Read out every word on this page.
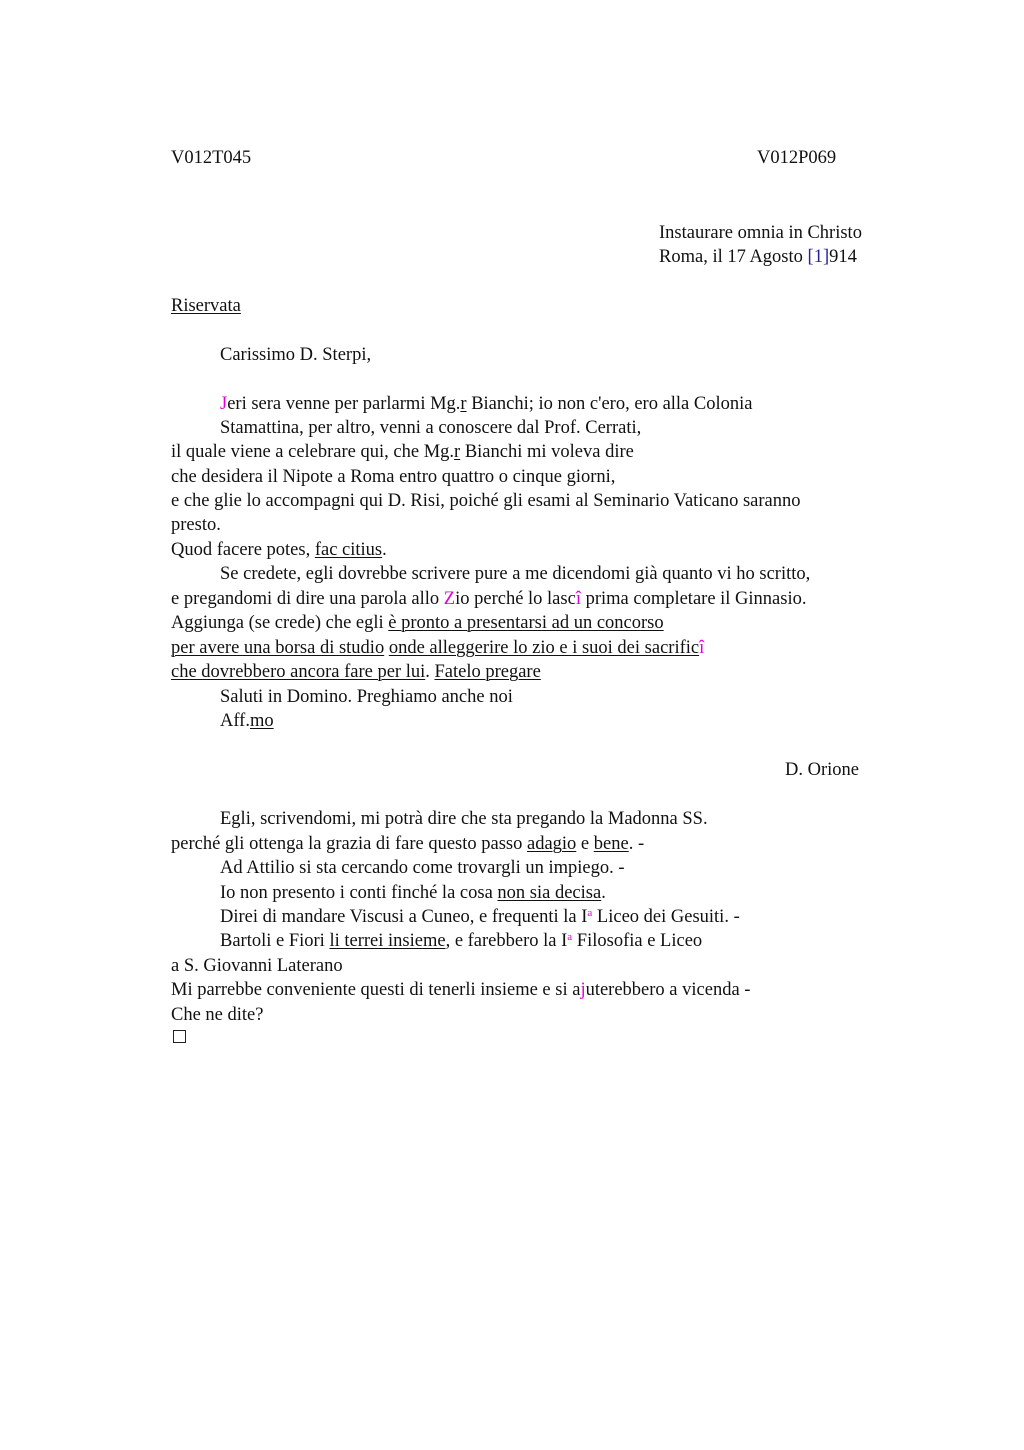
V012T045	V012P069
Instaurare omnia in Christo
Roma, il 17 Agosto [1]914
Riservata
Carissimo D. Sterpi,
Jeri sera venne per parlarmi Mg.r Bianchi; io non c'ero, ero alla Colonia
Stamattina, per altro, venni a conoscere dal Prof. Cerrati,
il quale viene a celebrare qui, che Mg.r Bianchi mi voleva dire
che desidera il Nipote a Roma entro quattro o cinque giorni,
e che glie lo accompagni qui D. Risi, poiché gli esami al Seminario Vaticano saranno
presto.
Quod facere potes, fac citius.
Se credete, egli dovrebbe scrivere pure a me dicendomi già quanto vi ho scritto,
e pregandomi di dire una parola allo Zio perché lo lascî prima completare il Ginnasio.
Aggiunga (se crede) che egli è pronto a presentarsi ad un concorso
per avere una borsa di studio onde alleggerire lo zio e i suoi dei sacrificî
che dovrebbero ancora fare per lui. Fatelo pregare
Saluti in Domino. Preghiamo anche noi
Aff.mo
D. Orione
Egli, scrivendomi, mi potrà dire che sta pregando la Madonna SS.
perché gli ottenga la grazia di fare questo passo adagio e bene. -
Ad Attilio si sta cercando come trovargli un impiego. -
Io non presento i conti finché la cosa non sia decisa.
Direi di mandare Viscusi a Cuneo, e frequenti la $I^a$ Liceo dei Gesuiti. -
Bartoli e Fiori li terrei insieme, e farebbero la $I^a$ Filosofia e Liceo
a S. Giovanni Laterano
Mi parrebbe conveniente questi di tenerli insieme e si ajuterebbero a vicenda -
Che ne dite?
